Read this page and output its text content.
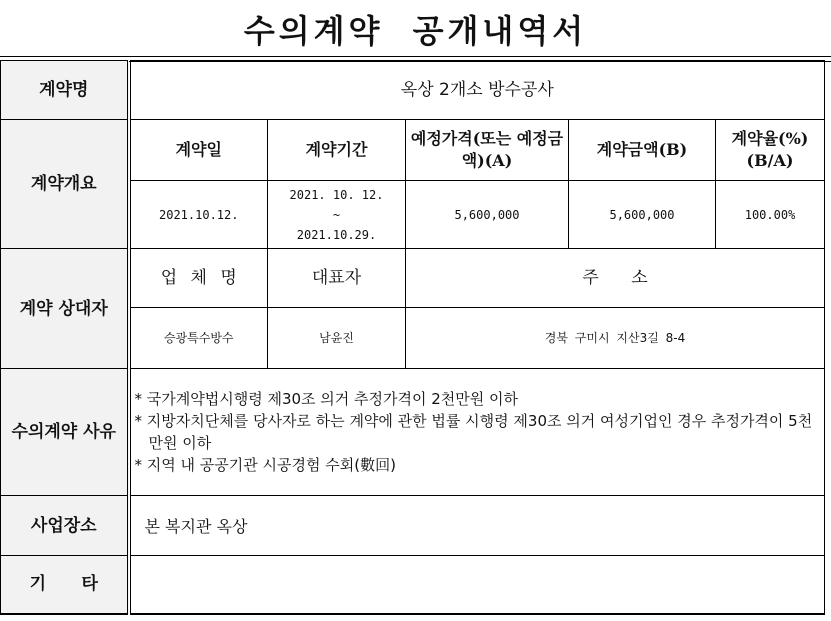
수의계약 공개내역서
계약명	옥상 2개소 방수공사				
계약개요	계약일	계약기간	예정가격(또는 예정금액)(A)	계약금액(B)	계약율(%)(B/A)
	2021.10.12.	2021. 10. 12.
~
2021.10.29.	5,600,000	5,600,000	100.00%
계약 상대자	업 체 명	대표자	주      소		
	승광특수방수	남윤진	경북 구미시 지산3길 8-4		
수의계약 사유	* 국가계약법시행령 제30조 의거 추정가격이 2천만원 이하
* 지방자치단체를 당사자로 하는 계약에 관한 법률 시행령 제30조 의거 여성기업인 경우 추정가격이 5천만원 이하
* 지역 내 공공기관 시공경험 수회(數回)				

사업장소	본 복지관 옥상				
기      타					
